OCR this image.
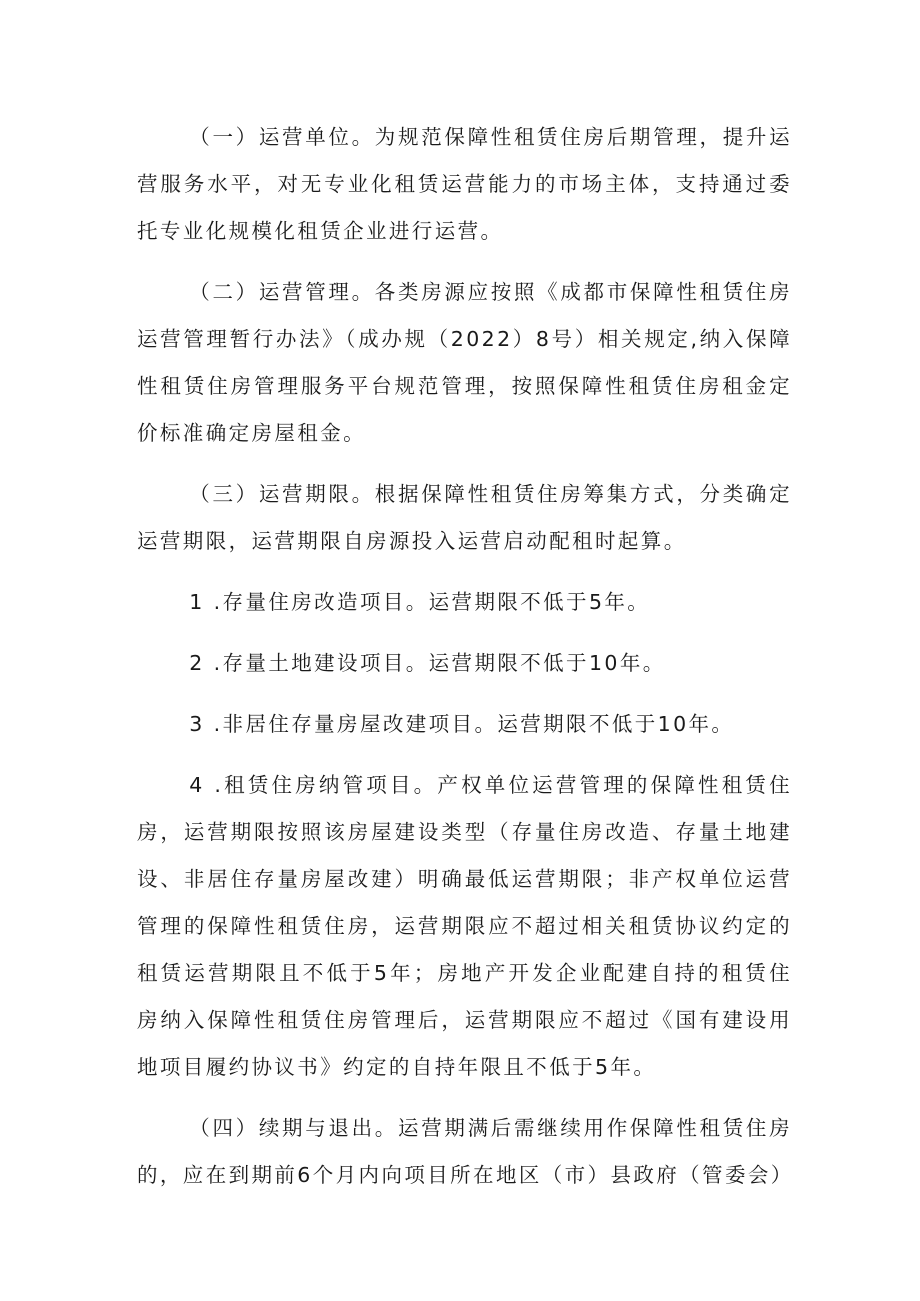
（一）运营单位。为规范保障性租赁住房后期管理，提升运营服务水平，对无专业化租赁运营能力的市场主体，支持通过委托专业化规模化租赁企业进行运营。

（二）运营管理。各类房源应按照《成都市保障性租赁住房运营管理暂行办法》（成办规（2022）8号）相关规定,纳入保障性租赁住房管理服务平台规范管理，按照保障性租赁住房租金定价标准确定房屋租金。

（三）运营期限。根据保障性租赁住房筹集方式，分类确定运营期限，运营期限自房源投入运营启动配租时起算。

1 .存量住房改造项目。运营期限不低于5年。

2 .存量土地建设项目。运营期限不低于10年。

3 .非居住存量房屋改建项目。运营期限不低于10年。

4 .租赁住房纳管项目。产权单位运营管理的保障性租赁住房，运营期限按照该房屋建设类型（存量住房改造、存量土地建设、非居住存量房屋改建）明确最低运营期限；非产权单位运营管理的保障性租赁住房，运营期限应不超过相关租赁协议约定的租赁运营期限且不低于5年；房地产开发企业配建自持的租赁住房纳入保障性租赁住房管理后，运营期限应不超过《国有建设用地项目履约协议书》约定的自持年限且不低于5年。

（四）续期与退出。运营期满后需继续用作保障性租赁住房的，应在到期前6个月内向项目所在地区（市）县政府（管委会）
